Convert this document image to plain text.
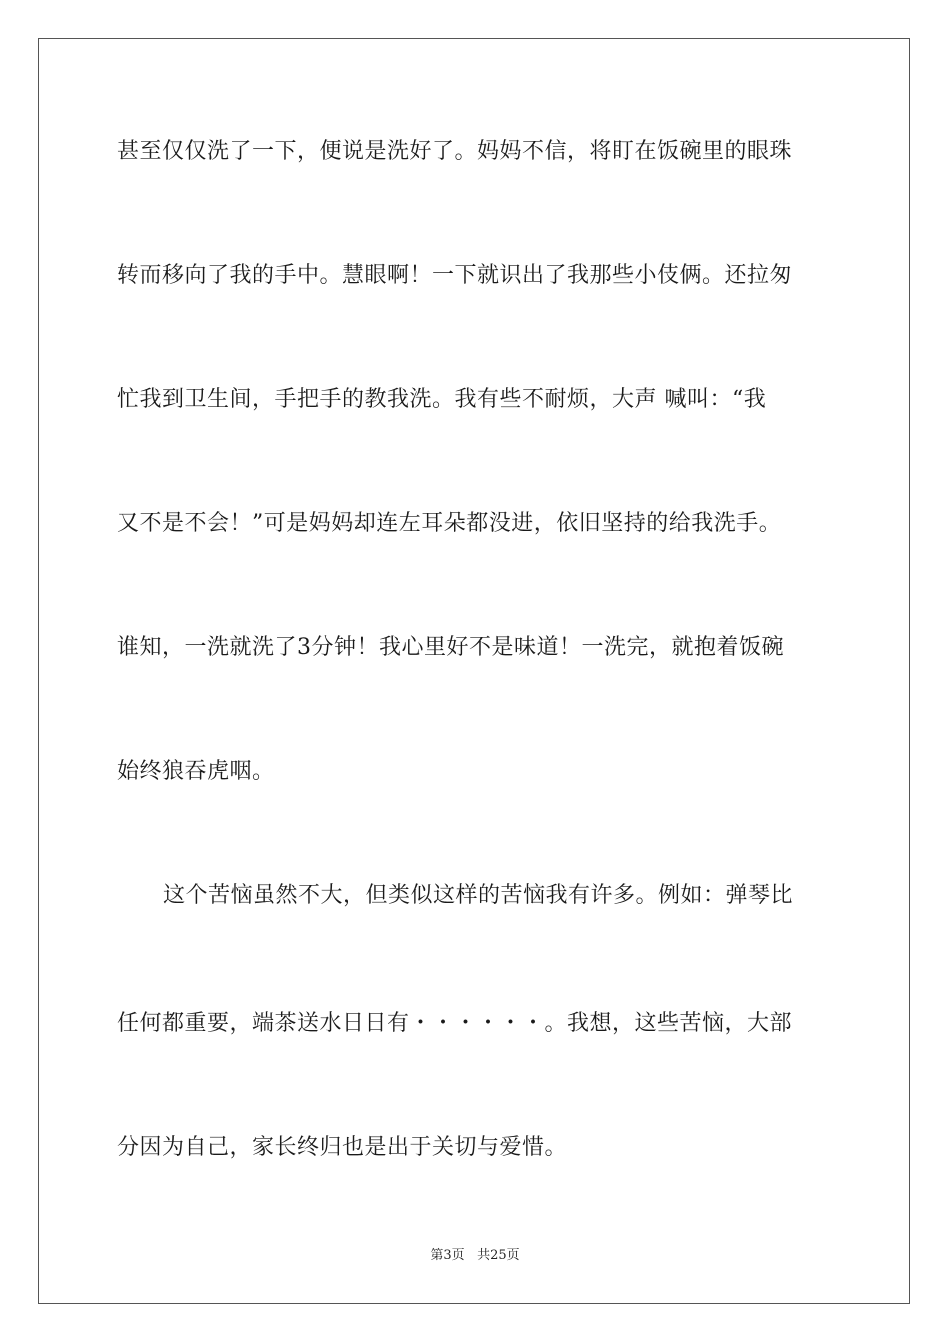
甚至仅仅洗了一下，便说是洗好了。妈妈不信，将盯在饭碗里的眼珠
转而移向了我的手中。慧眼啊！一下就识出了我那些小伎俩。还拉匆
忙我到卫生间，手把手的教我洗。我有些不耐烦，大声 喊叫：“我
又不是不会！”可是妈妈却连左耳朵都没进，依旧坚持的给我洗手。
谁知，一洗就洗了3分钟！我心里好不是味道！一洗完，就抱着饭碗
始终狼吞虎咽。
这个苦恼虽然不大，但类似这样的苦恼我有许多。例如：弹琴比
任何都重要，端茶送水日日有・・・・・・。我想，这些苦恼，大部
分因为自己，家长终归也是出于关切与爱惜。
第3页 共25页
